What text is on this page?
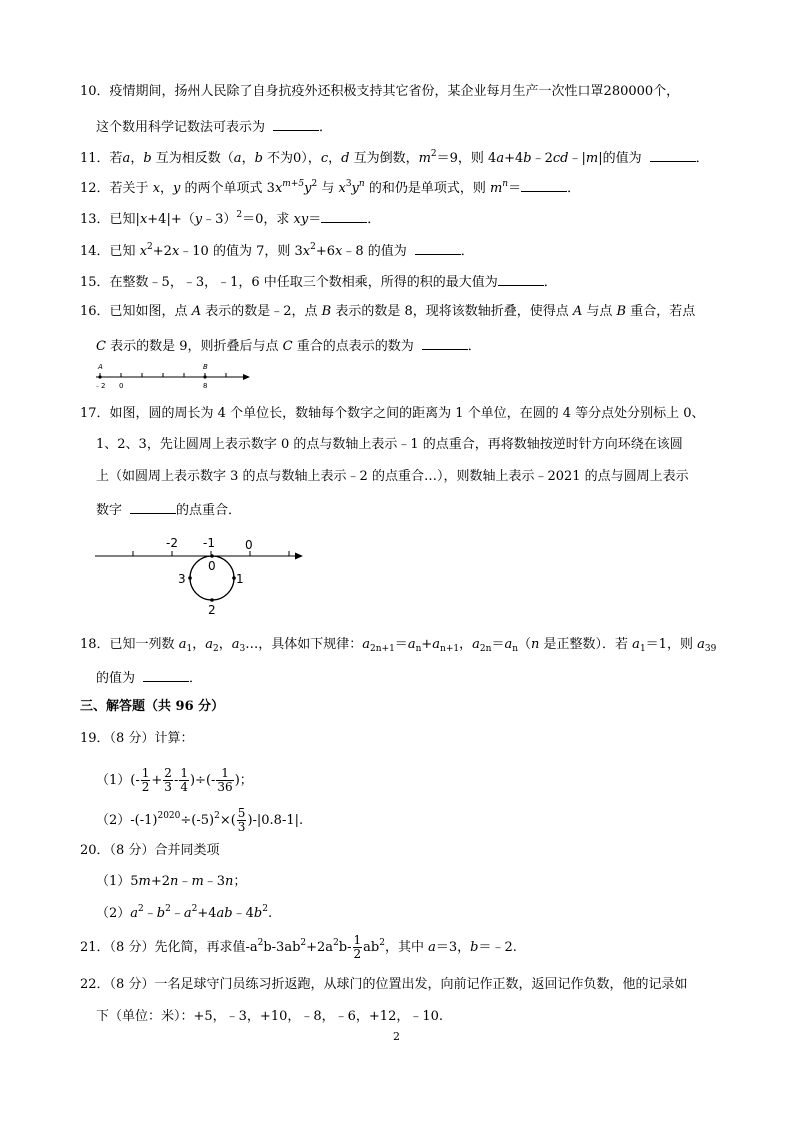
10．疫情期间，扬州人民除了自身抗疫外还积极支持其它省份，某企业每月生产一次性口罩280000个，
这个数用科学记数法可表示为	．
11．若a，b 互为相反数（a，b 不为0），c，d 互为倒数，$m^2=9$，则 4a+4b﹣2cd﹣|m|的值为	．
12．若关于 x，y 的两个单项式 $3x^{m+5}y^2$ 与 $x^3y^n$ 的和仍是单项式，则 $m^n=$	．
13．已知|x+4|+（y﹣3）$^2$＝0，求 xy＝	．
14．已知 $x^2+2x﹣10$ 的值为 7，则 $3x^2+6x﹣8$ 的值为	．
15．在整数﹣5，﹣3，﹣1，6 中任取三个数相乘，所得的积的最大值为	．
16．已知如图，点 A 表示的数是﹣2，点 B 表示的数是 8，现将该数轴折叠，使得点 A 与点 B 重合，若点
C 表示的数是 9，则折叠后与点 C 重合的点表示的数为	．
A	B
﹣2 0	8
17．如图，圆的周长为 4 个单位长，数轴每个数字之间的距离为 1 个单位，在圆的 4 等分点处分别标上 0、
1、2、3，先让圆周上表示数字 0 的点与数轴上表示﹣1 的点重合，再将数轴按逆时针方向环绕在该圆
上（如圆周上表示数字 3 的点与数轴上表示﹣2 的点重合…），则数轴上表示﹣2021 的点与圆周上表示
数字	的点重合．
-2 -1	0
0
1
2
3
18．已知一列数 $a_1$，$a_2$，$a_3\dots$，具体如下规律：$a_{2n+1}=a_n+a_{n+1}$，$a_{2n}=a_n(n$ 是正整数）．若 $a_1=1$，则 $a_{39}$
的值为	．
三、解答题（共 96 分）
19．（8 分）计算：
$(1)(- \frac{1}{2} + \frac{2}{3} - \frac{1}{4}$ )÷(- $\frac{1}{36}$ )；
$(2)-(-1)^{2020}\div(-5)^2\times( \frac{5}{3} )-|0.8-1|$.
20．（8 分）合并同类项
（1）5m+2n﹣m﹣3n；
$(2)a^2﹣b^2﹣a^2+4ab﹣4b^2$.
21．（8 分）先化简，再求值$-a^2b-3ab^2+2a^2b- \frac{1}{2} ab^2$，其中 a＝3，b＝﹣2.
22．（8 分）一名足球守门员练习折返跑，从球门的位置出发，向前记作正数，返回记作负数，他的记录如
下（单位：米）：+5，﹣3，+10，﹣8，﹣6，+12，﹣10.
2
